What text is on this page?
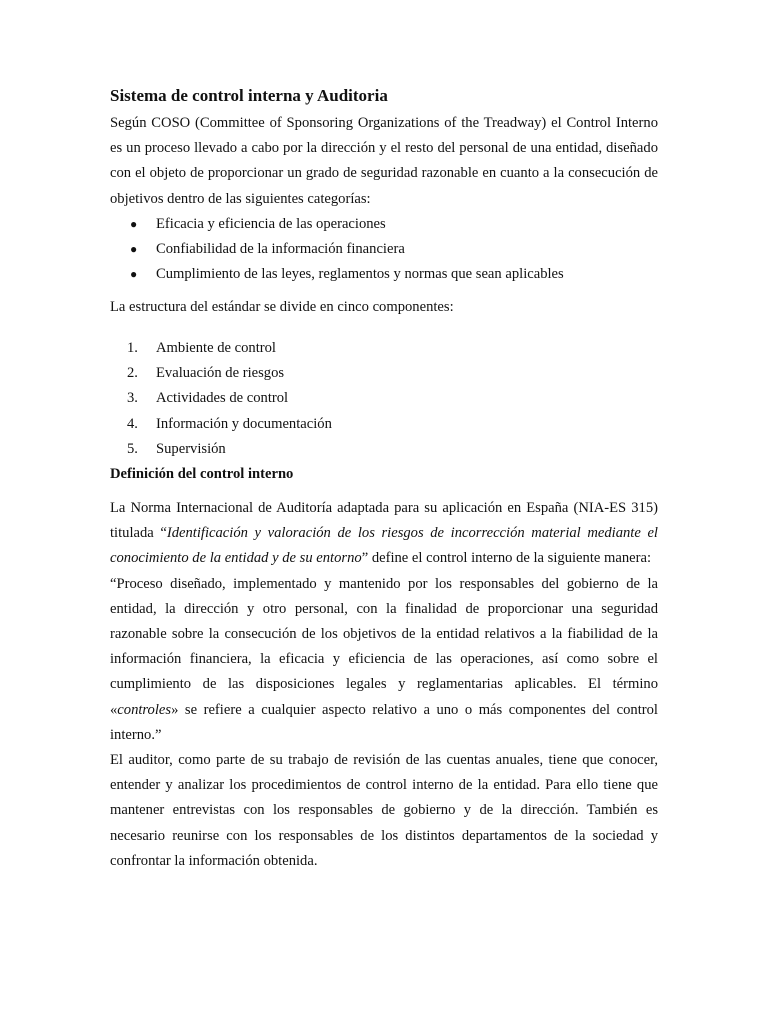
Sistema de control interna y Auditoria

Según COSO (Committee of Sponsoring Organizations of the Treadway) el Control Interno es un proceso llevado a cabo por la dirección y el resto del personal de una entidad, diseñado con el objeto de proporcionar un grado de seguridad razonable en cuanto a la consecución de objetivos dentro de las siguientes categorías:

● Eficacia y eficiencia de las operaciones
● Confiabilidad de la información financiera
● Cumplimiento de las leyes, reglamentos y normas que sean aplicables

La estructura del estándar se divide en cinco componentes:

1. Ambiente de control
2. Evaluación de riesgos
3. Actividades de control
4. Información y documentación
5. Supervisión
Definición del control interno

La Norma Internacional de Auditoría adaptada para su aplicación en España (NIA-ES 315) titulada “Identificación y valoración de los riesgos de incorrección material mediante el conocimiento de la entidad y de su entorno” define el control interno de la siguiente manera:

“Proceso diseñado, implementado y mantenido por los responsables del gobierno de la entidad, la dirección y otro personal, con la finalidad de proporcionar una seguridad razonable sobre la consecución de los objetivos de la entidad relativos a la fiabilidad de la información financiera, la eficacia y eficiencia de las operaciones, así como sobre el cumplimiento de las disposiciones legales y reglamentarias aplicables. El término «controles» se refiere a cualquier aspecto relativo a uno o más componentes del control interno.”

El auditor, como parte de su trabajo de revisión de las cuentas anuales, tiene que conocer, entender y analizar los procedimientos de control interno de la entidad. Para ello tiene que mantener entrevistas con los responsables de gobierno y de la dirección. También es necesario reunirse con los responsables de los distintos departamentos de la sociedad y confrontar la información obtenida.
